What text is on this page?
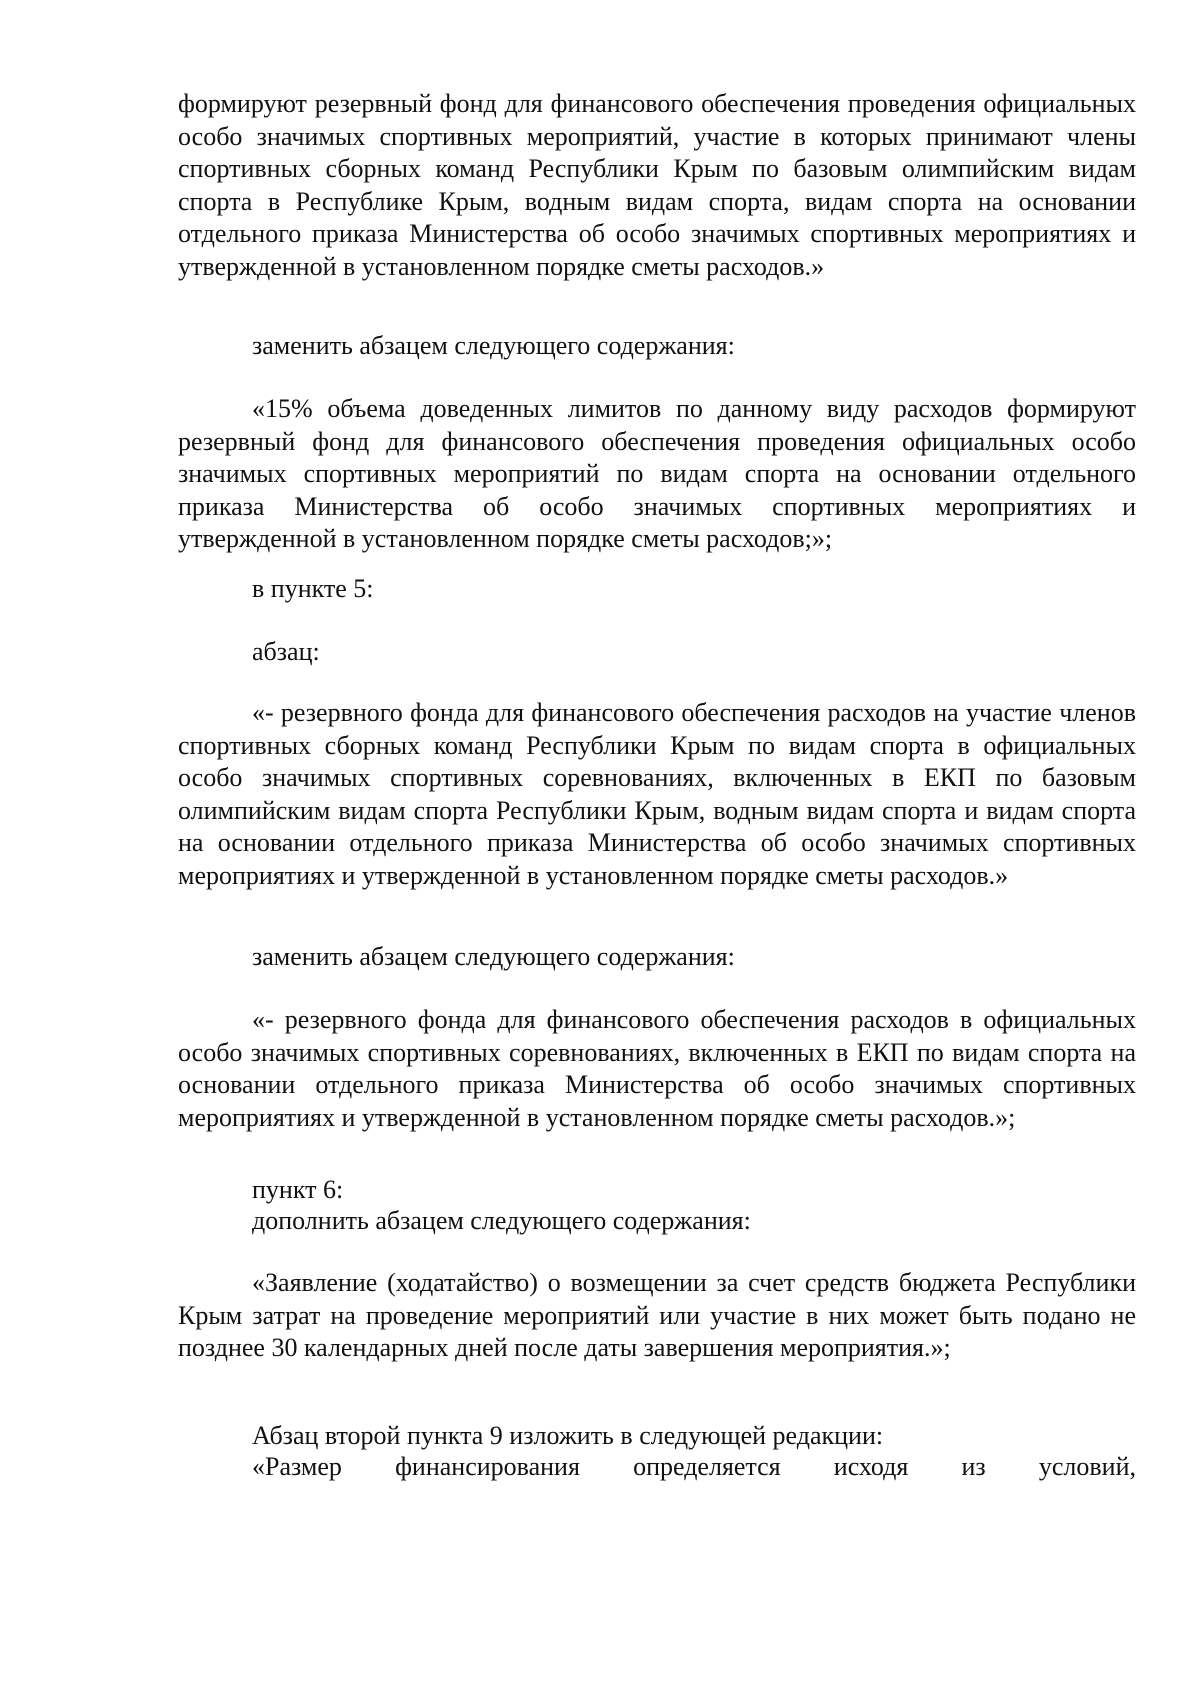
формируют резервный фонд для финансового обеспечения проведения официальных особо значимых спортивных мероприятий, участие в которых принимают члены спортивных сборных команд Республики Крым по базовым олимпийским видам спорта в Республике Крым, водным видам спорта, видам спорта на основании отдельного приказа Министерства об особо значимых спортивных мероприятиях и утвержденной в установленном порядке сметы расходов.»
заменить абзацем следующего содержания:
«15% объема доведенных лимитов по данному виду расходов формируют резервный фонд для финансового обеспечения проведения официальных особо значимых спортивных мероприятий по видам спорта на основании отдельного приказа Министерства об особо значимых спортивных мероприятиях и утвержденной в установленном порядке сметы расходов;»;
в пункте 5:
абзац:
«- резервного фонда для финансового обеспечения расходов на участие членов спортивных сборных команд Республики Крым по видам спорта в официальных особо значимых спортивных соревнованиях, включенных в ЕКП по базовым олимпийским видам спорта Республики Крым, водным видам спорта и видам спорта на основании отдельного приказа Министерства об особо значимых спортивных мероприятиях и утвержденной в установленном порядке сметы расходов.»
заменить абзацем следующего содержания:
«- резервного фонда для финансового обеспечения расходов в официальных особо значимых спортивных соревнованиях, включенных в ЕКП по видам спорта на основании отдельного приказа Министерства об особо значимых спортивных мероприятиях и утвержденной в установленном порядке сметы расходов.»;
пункт 6:
дополнить абзацем следующего содержания:
«Заявление (ходатайство) о возмещении за счет средств бюджета Республики Крым затрат на проведение мероприятий или участие в них может быть подано не позднее 30 календарных дней после даты завершения мероприятия.»;
Абзац второй пункта 9 изложить в следующей редакции:
«Размер финансирования определяется исходя из условий,
